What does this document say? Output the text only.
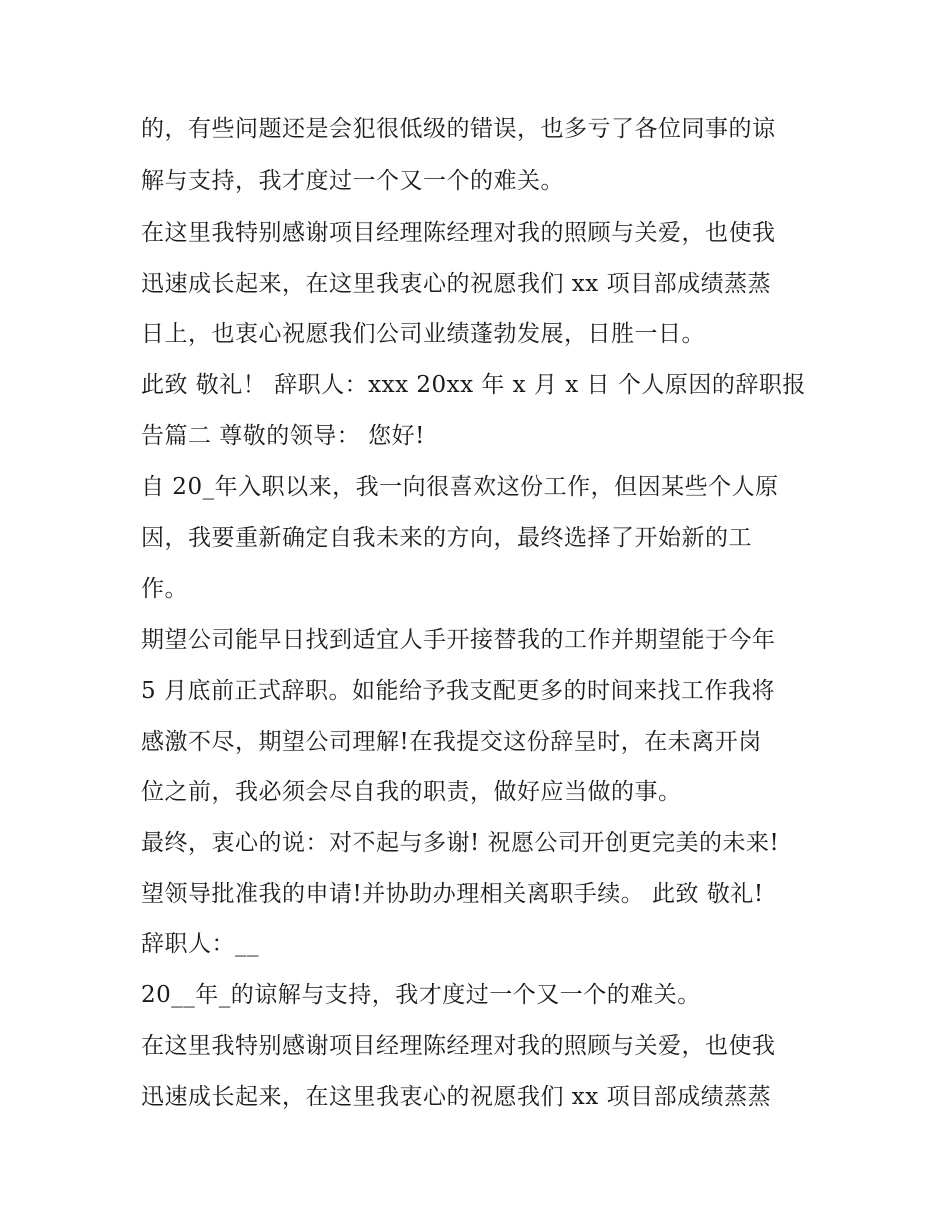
的，有些问题还是会犯很低级的错误，也多亏了各位同事的谅
解与支持，我才度过一个又一个的难关。
在这里我特别感谢项目经理陈经理对我的照顾与关爱，也使我
迅速成长起来，在这里我衷心的祝愿我们 xx 项目部成绩蒸蒸
日上，也衷心祝愿我们公司业绩蓬勃发展，日胜一日。
此致 敬礼！ 辞职人：xxx 20xx 年 x 月 x 日 个人原因的辞职报
告篇二 尊敬的领导： 您好!
自 20_年入职以来，我一向很喜欢这份工作，但因某些个人原
因，我要重新确定自我未来的方向，最终选择了开始新的工
作。
期望公司能早日找到适宜人手开接替我的工作并期望能于今年
5 月底前正式辞职。如能给予我支配更多的时间来找工作我将
感激不尽，期望公司理解!在我提交这份辞呈时，在未离开岗
位之前，我必须会尽自我的职责，做好应当做的事。
最终，衷心的说：对不起与多谢! 祝愿公司开创更完美的未来!
望领导批准我的申请!并协助办理相关离职手续。 此致 敬礼!
辞职人：__
20__年_的谅解与支持，我才度过一个又一个的难关。
在这里我特别感谢项目经理陈经理对我的照顾与关爱，也使我
迅速成长起来，在这里我衷心的祝愿我们 xx 项目部成绩蒸蒸
